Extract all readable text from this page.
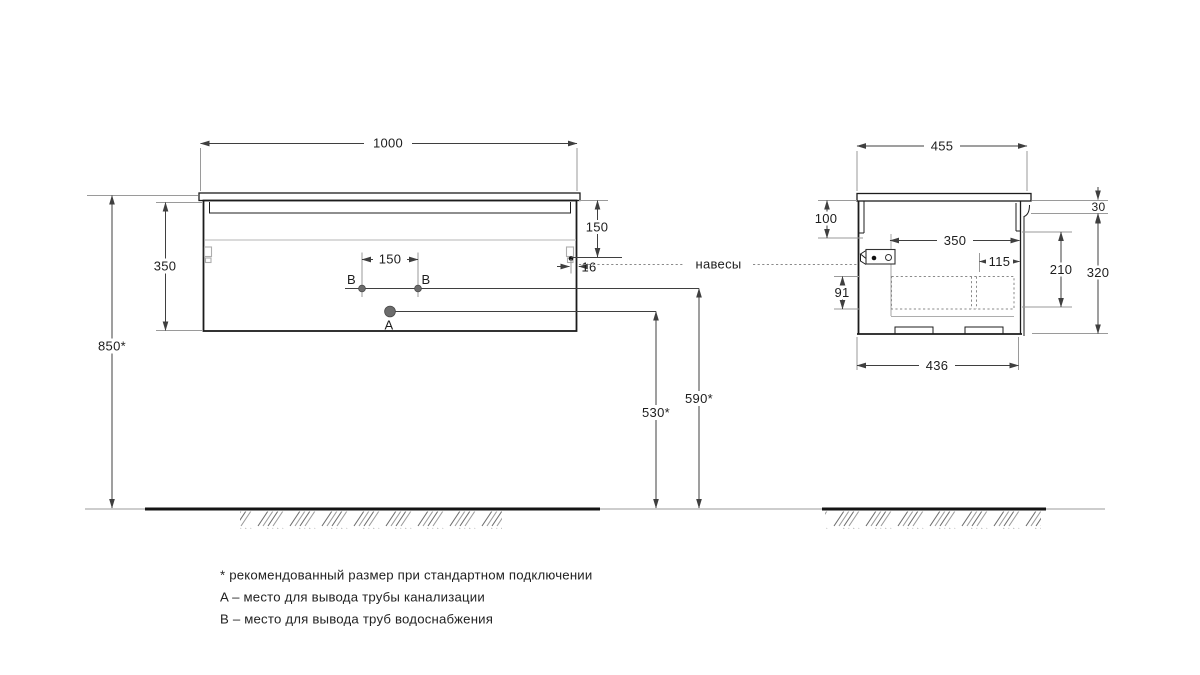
1000
150
16
150
B	B
A
850*
350
590*
530*
навесы
455
350
115
100
91
30
320
210
436
* рекомендованный размер при стандартном подключении
A – место для вывода трубы канализации
B – место для вывода труб водоснабжения
